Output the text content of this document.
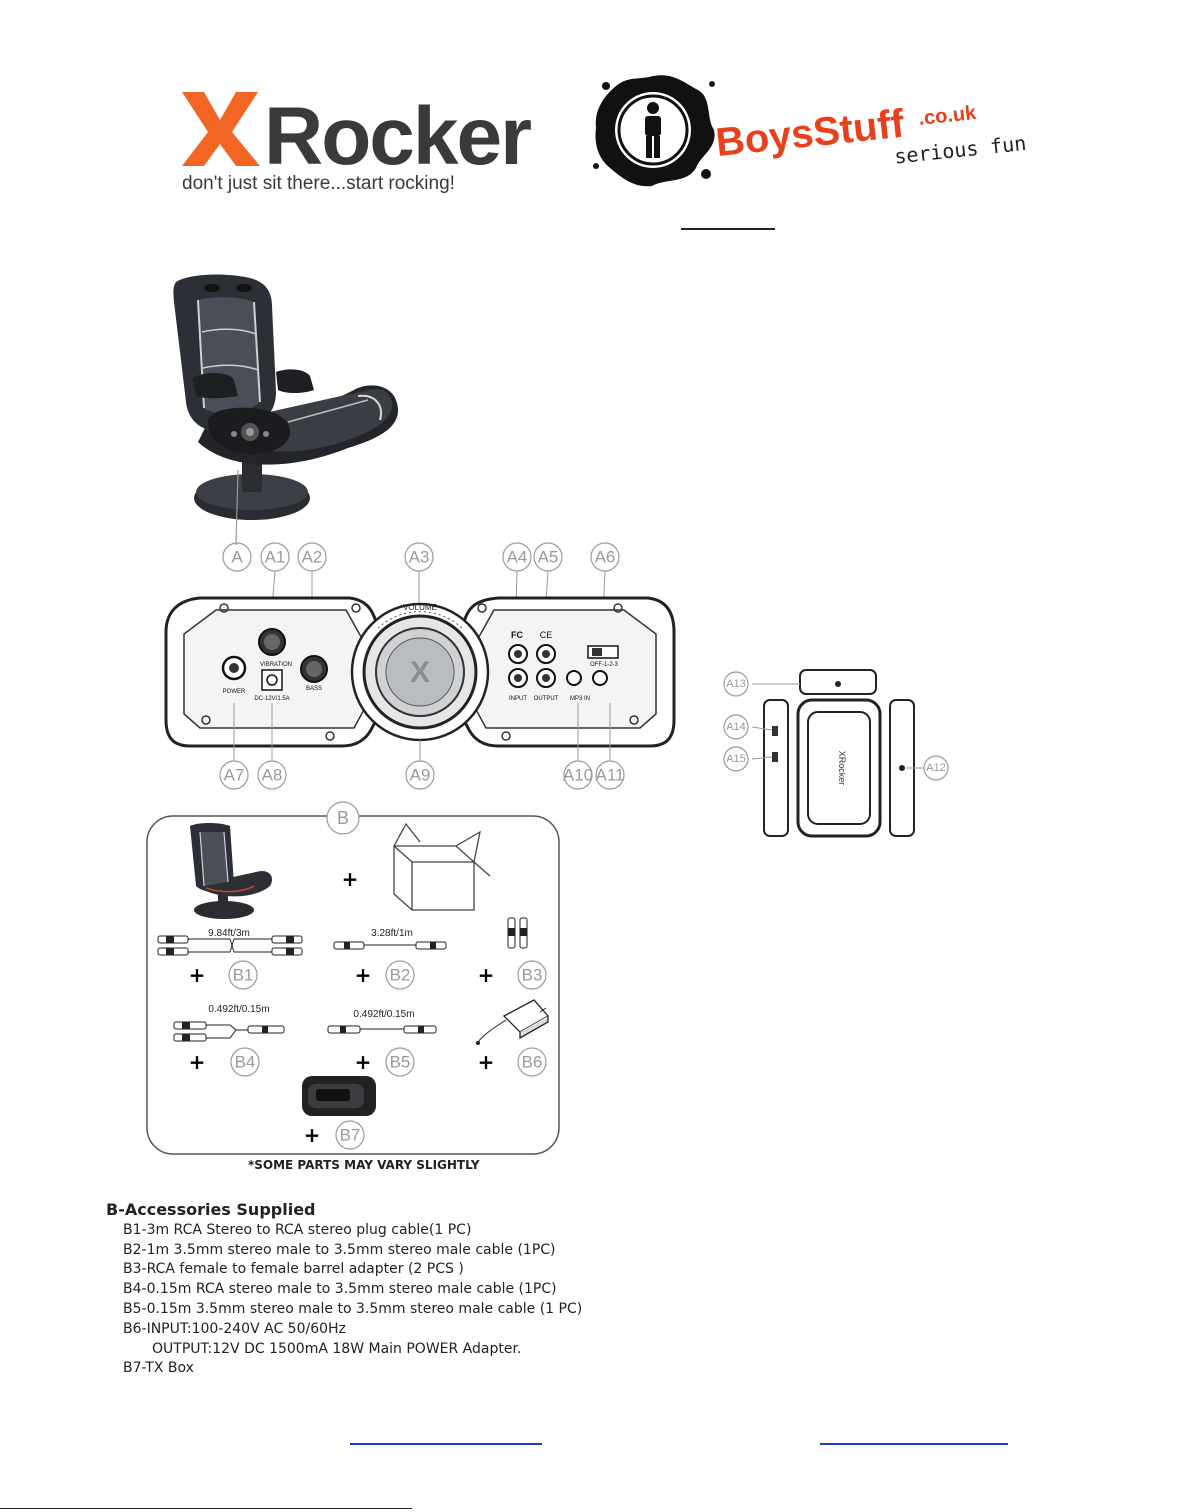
Rocker
don't just sit there...start rocking!
BoysStuff .co.uk
serious fun
A A1 A2	A3	A4 A5 A6
X
VOLUME
POWER
VIBRATION
BASS
DC-12V/1.5A
FC CE
INPUT OUTPUT MP3 IN
OFF-1-2-3
A7 A8	A9	A10 A11	XRocker
A13
A14
A15
A12
B
+
9.84ft/3m
+ B1
3.28ft/1m
+ B2	+ B3
0.492ft/0.15m
+ B4
0.492ft/0.15m
+ B5	+ B6
+ B7
*SOME PARTS MAY VARY SLIGHTLY
B-Accessories Supplied
B1-3m RCA Stereo to RCA stereo plug cable(1 PC)
B2-1m 3.5mm stereo male to 3.5mm stereo male cable (1PC)
B3-RCA female to female barrel adapter (2 PCS )
B4-0.15m RCA stereo male to 3.5mm stereo male cable (1PC)
B5-0.15m 3.5mm stereo male to 3.5mm stereo male cable (1 PC)
B6-INPUT:100-240V AC 50/60Hz
OUTPUT:12V DC 1500mA 18W Main POWER Adapter.
B7-TX Box
